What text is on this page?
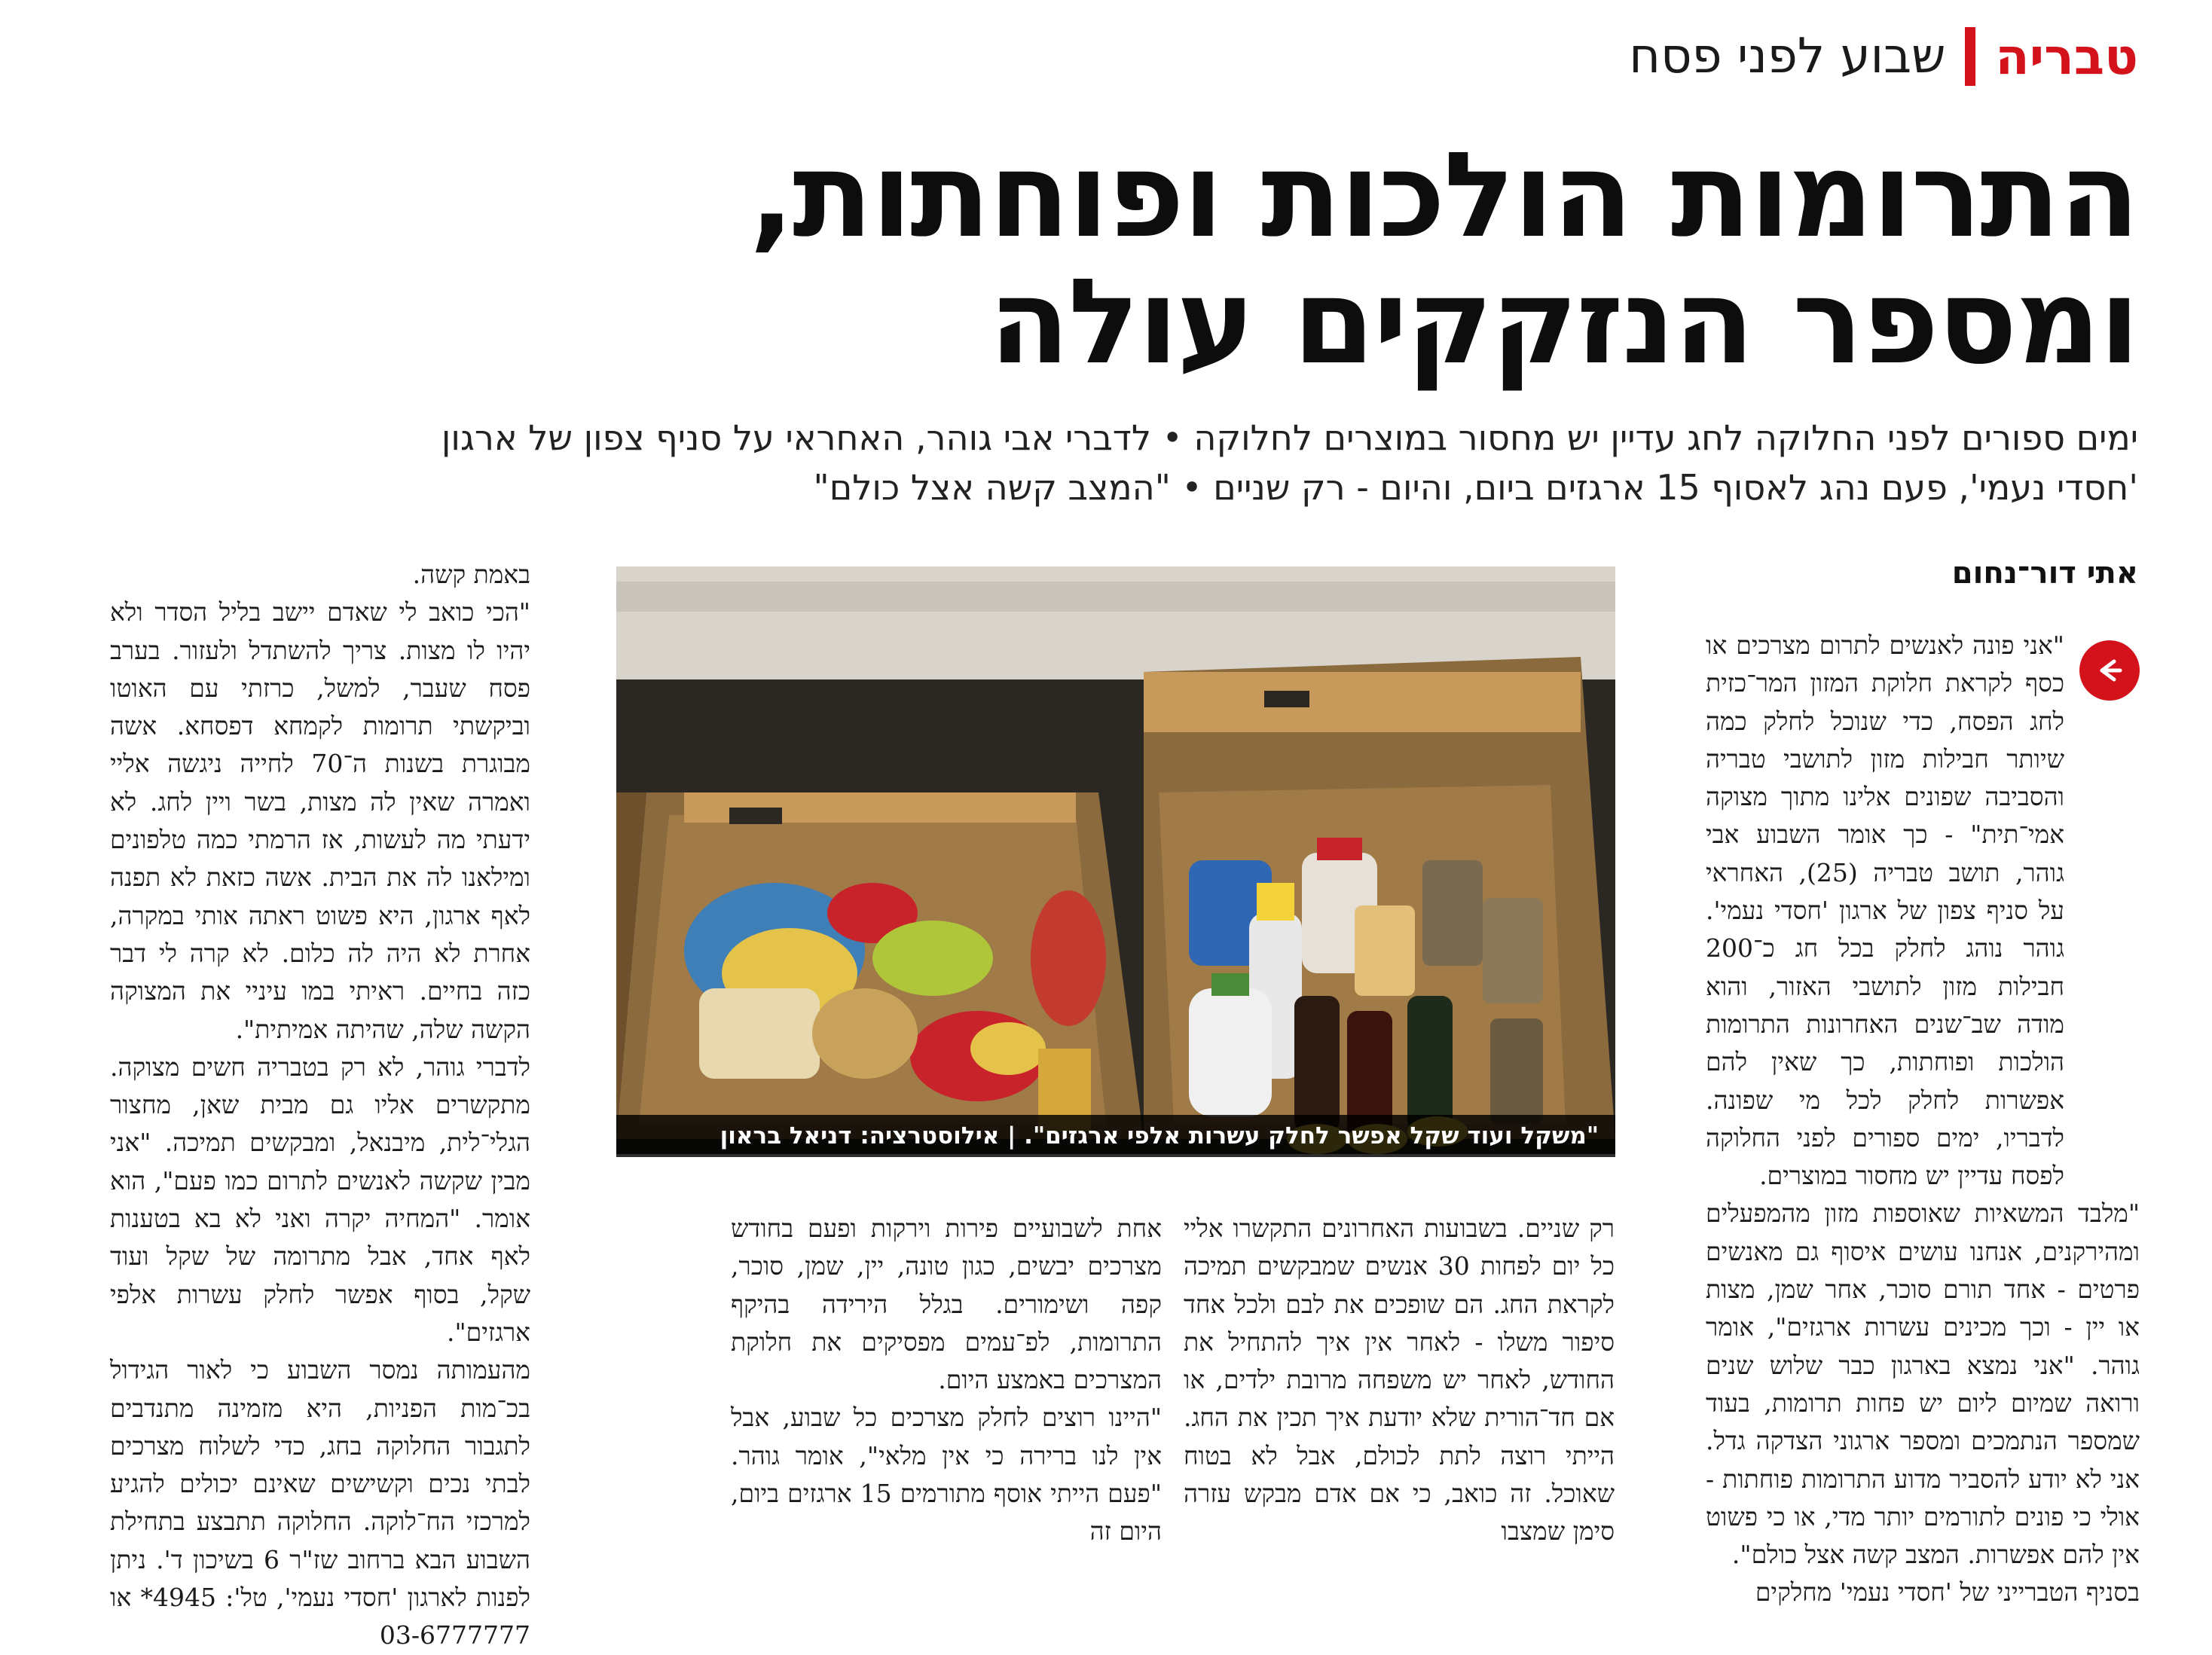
טבריה
שבוע לפני פסח
התרומות הולכות ופוחתות,
ומספר הנזקקים עולה
ימים ספורים לפני החלוקה לחג עדיין יש מחסור במוצרים לחלוקה • לדברי אבי גוהר, האחראי על סניף צפון של ארגון
'חסדי נעמי', פעם נהג לאסוף 15 ארגזים ביום, והיום - רק שניים • "המצב קשה אצל כולם"
אתי דור־נחום

"אני פונה לאנשים לתרום מצרכים או כסף לקראת חלוקת המזון המר־כזית לחג הפסח, כדי שנוכל לחלק כמה שיותר חבילות מזון לתושבי טבריה והסביבה שפונים אלינו מתוך מצוקה אמי־תית" - כך אומר השבוע אבי גוהר, תושב טבריה (25), האחראי על סניף צפון של ארגון 'חסדי נעמי'. גוהר נוהג לחלק בכל חג כ־200 חבילות מזון לתושבי האזור, והוא מודה שב־שנים האחרונות התרומות הולכות ופוחתות, כך שאין להם אפשרות לחלק לכל מי שפונה. לדבריו, ימים ספורים לפני החלוקה לפסח עדיין יש מחסור במוצרים.

"מלבד המשאיות שאוספות מזון מהמפעלים ומהירקנים, אנחנו עושים איסוף גם מאנשים פרטים - אחד תורם סוכר, אחר שמן, מצות או יין - וכך מכינים עשרות ארגזים", אומר גוהר. "אני נמצא בארגון כבר שלוש שנים ורואה שמיום ליום יש פחות תרומות, בעוד שמספר הנתמכים ומספר ארגוני הצדקה גדל. אני לא יודע להסביר מדוע התרומות פוחתות - אולי כי פונים לתורמים יותר מדי, או כי פשוט אין להם אפשרות. המצב קשה אצל כולם".

בסניף הטברייני של 'חסדי נעמי' מחלקים

"משקל ועוד שקל אפשר לחלק עשרות אלפי ארגזים". | אילוסטרציה: דניאל בראון

אחת לשבועיים פירות וירקות ופעם בחודש מצרכים יבשים, כגון טונה, יין, שמן, סוכר, קפה ושימורים. בגלל הירידה בהיקף התרומות, לפ־עמים מפסיקים את חלוקת המצרכים באמצע היום.

"היינו רוצים לחלק מצרכים כל שבוע, אבל אין לנו ברירה כי אין מלאי", אומר גוהר. "פעם הייתי אוסף מתורמים 15 ארגזים ביום, היום זה

רק שניים. בשבועות האחרונים התקשרו אליי כל יום לפחות 30 אנשים שמבקשים תמיכה לקראת החג. הם שופכים את לבם ולכל אחד סיפור משלו - לאחר אין איך להתחיל את החודש, לאחר יש משפחה מרובת ילדים, או אם חד־הורית שלא יודעת איך תכין את החג. הייתי רוצה לתת לכולם, אבל לא בטוח שאוכל. זה כואב, כי אם אדם מבקש עזרה סימן שמצבו

באמת קשה.

"הכי כואב לי שאדם יישב בליל הסדר ולא יהיו לו מצות. צריך להשתדל ולעזור. בערב פסח שעבר, למשל, כרזתי עם האוטו וביקשתי תרומות לקמחא דפסחא. אשה מבוגרת בשנות ה־70 לחייה ניגשה אליי ואמרה שאין לה מצות, בשר ויין לחג. לא ידעתי מה לעשות, אז הרמתי כמה טלפונים ומילאנו לה את הבית. אשה כזאת לא תפנה לאף ארגון, היא פשוט ראתה אותי במקרה, אחרת לא היה לה כלום. לא קרה לי דבר כזה בחיים. ראיתי במו עיניי את המצוקה הקשה שלה, שהיתה אמיתית".

לדברי גוהר, לא רק בטבריה חשים מצוקה. מתקשרים אליו גם מבית שאן, מחצור הגלי־לית, מיבנאל, ומבקשים תמיכה. "אני מבין שקשה לאנשים לתרום כמו פעם", הוא אומר. "המחיה יקרה ואני לא בא בטענות לאף אחד, אבל מתרומה של שקל ועוד שקל, בסוף אפשר לחלק עשרות אלפי ארגזים".

מהעמותה נמסר השבוע כי לאור הגידול בכ־מות הפניות, היא מזמינה מתנדבים לתגבור החלוקה בחג, כדי לשלוח מצרכים לבתי נכים וקשישים שאינם יכולים להגיע למרכזי הח־לוקה. החלוקה תתבצע בתחילת השבוע הבא ברחוב שז"ר 6 בשיכון ד'. ניתן לפנות לארגון 'חסדי נעמי', טל': 4945* או 03-6777777
